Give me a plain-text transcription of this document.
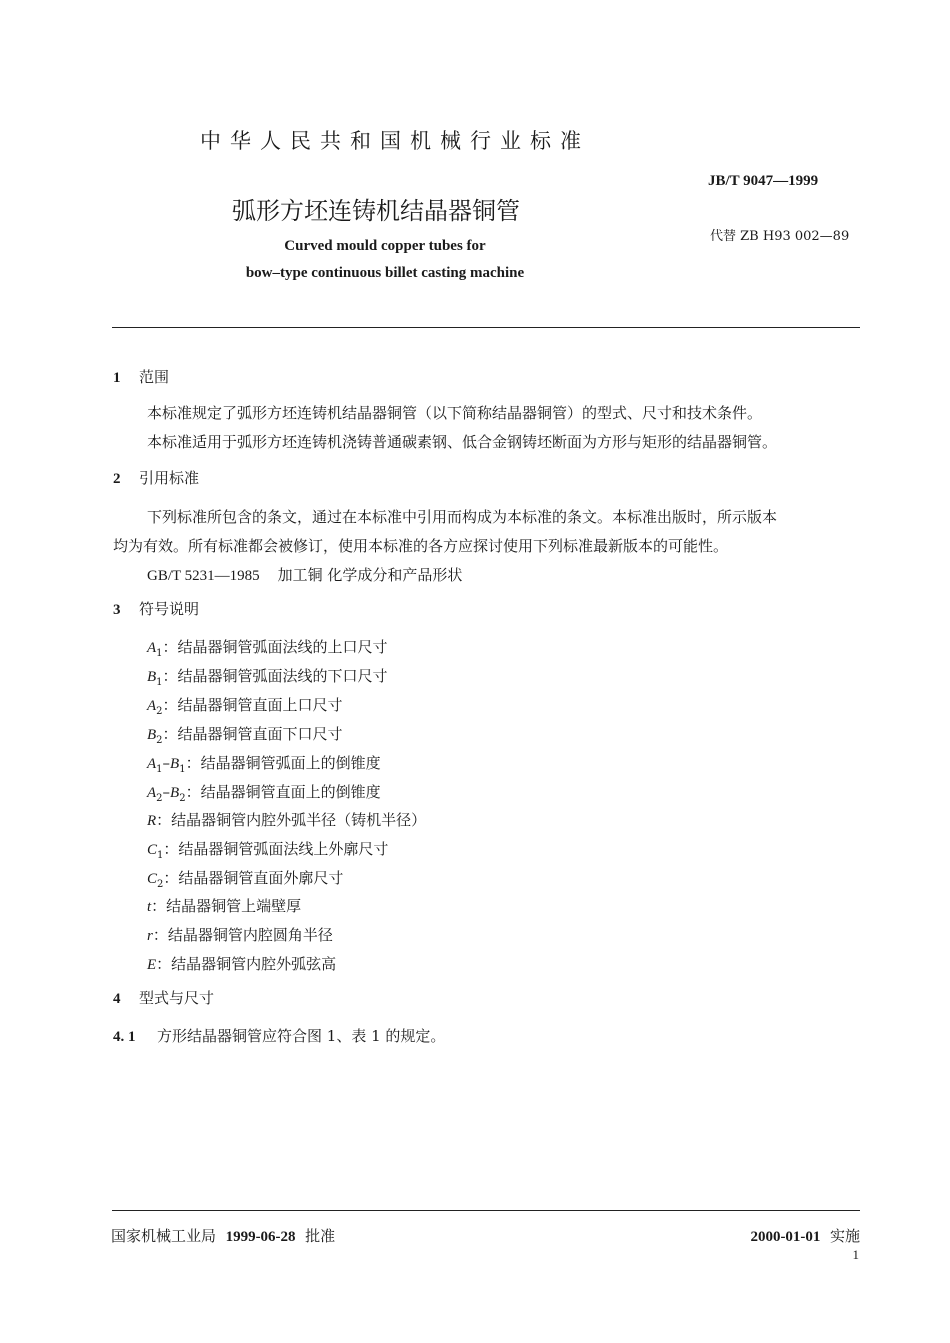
中华人民共和国机械行业标准
JB/T 9047—1999
弧形方坯连铸机结晶器铜管
代替 ZB H93 002—89
Curved mould copper tubes for
bow–type continuous billet casting machine
1 范围
本标准规定了弧形方坯连铸机结晶器铜管（以下简称结晶器铜管）的型式、尺寸和技术条件。
本标准适用于弧形方坯连铸机浇铸普通碳素钢、低合金钢铸坯断面为方形与矩形的结晶器铜管。
2 引用标准
下列标准所包含的条文，通过在本标准中引用而构成为本标准的条文。本标准出版时，所示版本
均为有效。所有标准都会被修订，使用本标准的各方应探讨使用下列标准最新版本的可能性。
GB/T 5231—1985 加工铜 化学成分和产品形状
3 符号说明
$A_1$：结晶器铜管弧面法线的上口尺寸
$B_1$：结晶器铜管弧面法线的下口尺寸
$A_2$：结晶器铜管直面上口尺寸
$B_2$：结晶器铜管直面下口尺寸
$A_1-B_1$：结晶器铜管弧面上的倒锥度
$A_2-B_2$：结晶器铜管直面上的倒锥度
R：结晶器铜管内腔外弧半径（铸机半径）
$C_1$：结晶器铜管弧面法线上外廓尺寸
$C_2$：结晶器铜管直面外廓尺寸
t：结晶器铜管上端壁厚
r：结晶器铜管内腔圆角半径
E：结晶器铜管内腔外弧弦高
4 型式与尺寸
4. 1 方形结晶器铜管应符合图 1、表 1 的规定。
国家机械工业局 1999-06-28 批准	2000-01-01 实施
1
